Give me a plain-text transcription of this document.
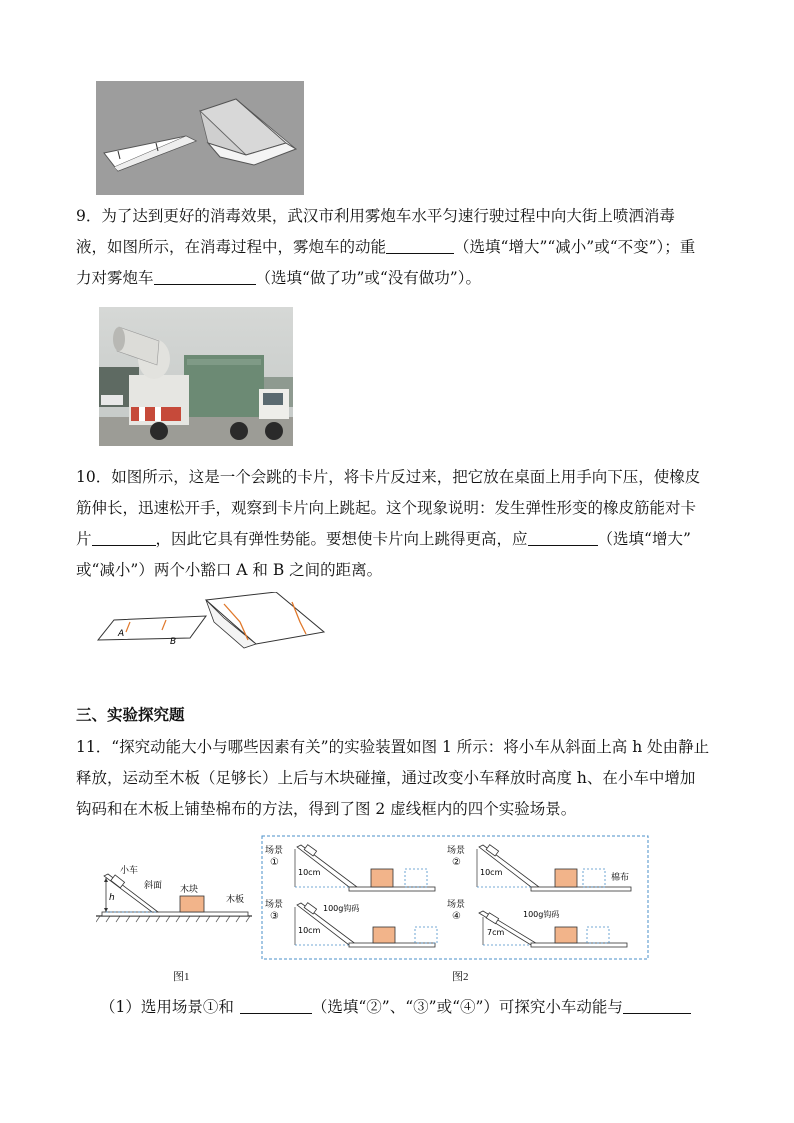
9．为了达到更好的消毒效果，武汉市利用雾炮车水平匀速行驶过程中向大街上喷洒消毒
液，如图所示，在消毒过程中，雾炮车的动能	（选填“增大”“减小”或“不变”）；重
力对雾炮车	（选填“做了功”或“没有做功”）。
10．如图所示，这是一个会跳的卡片，将卡片反过来，把它放在桌面上用手向下压，使橡皮
筋伸长，迅速松开手，观察到卡片向上跳起。这个现象说明：发生弹性形变的橡皮筋能对卡
片	，因此它具有弹性势能。要想使卡片向上跳得更高，应	（选填“增大”
或“减小”）两个小豁口 A 和 B 之间的距离。
A
B
三、实验探究题
11．“探究动能大小与哪些因素有关”的实验装置如图 1 所示：将小车从斜面上高 h 处由静止
释放，运动至木板（足够长）上后与木块碰撞，通过改变小车释放时高度 h、在小车中增加
钩码和在木板上铺垫棉布的方法，得到了图 2 虚线框内的四个实验场景。
h
小车
斜面 木块
木板
图1
场景
①
10cm
场景
②
10cm
棉布
场景
③
100g钩码
10cm
场景
④	100g钩码
7cm
图2
（1）选用场景①和	（选填“②”、“③”或“④”）可探究小车动能与
